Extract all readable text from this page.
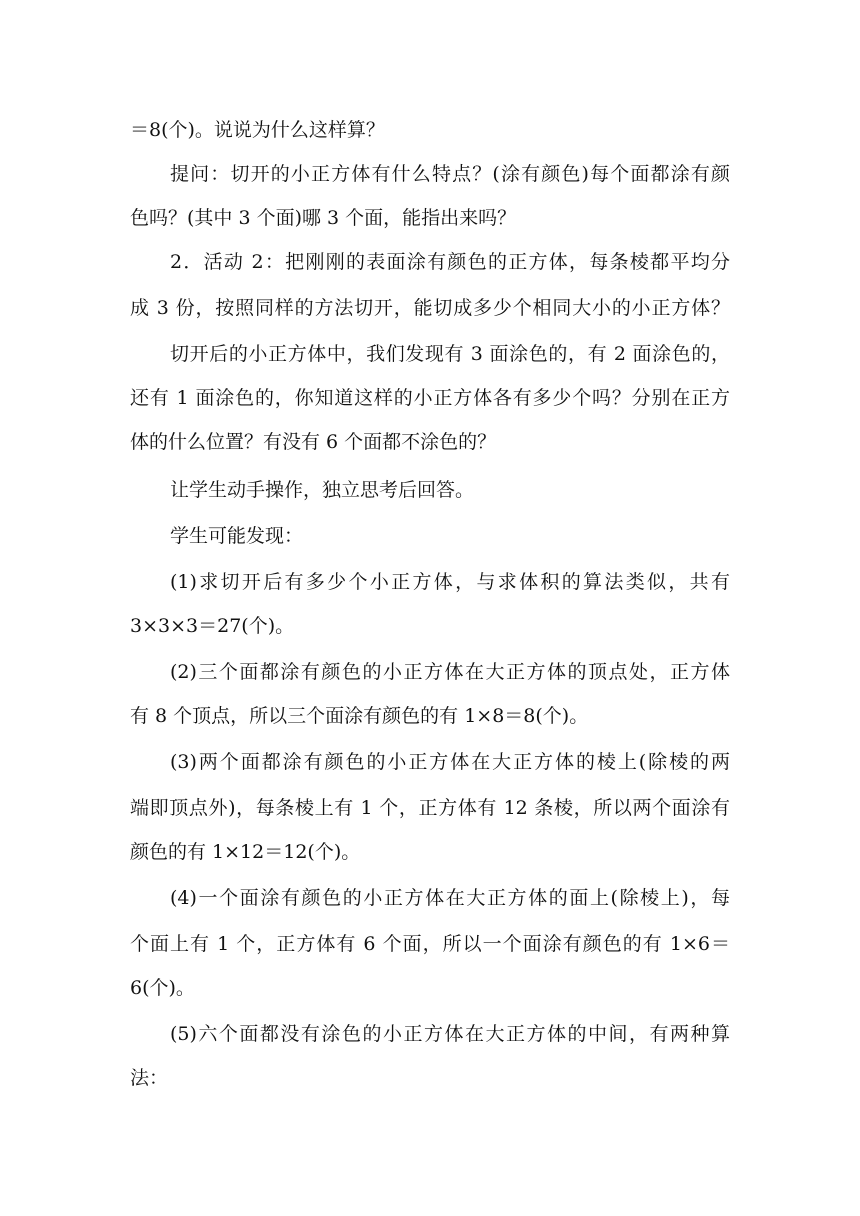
＝8(个)。说说为什么这样算？
提问：切开的小正方体有什么特点？(涂有颜色)每个面都涂有颜
色吗？(其中 3 个面)哪 3 个面，能指出来吗？
2．活动 2：把刚刚的表面涂有颜色的正方体，每条棱都平均分
成 3 份，按照同样的方法切开，能切成多少个相同大小的小正方体？
切开后的小正方体中，我们发现有 3 面涂色的，有 2 面涂色的，
还有 1 面涂色的，你知道这样的小正方体各有多少个吗？分别在正方
体的什么位置？有没有 6 个面都不涂色的？
让学生动手操作，独立思考后回答。
学生可能发现：
(1)求切开后有多少个小正方体，与求体积的算法类似，共有
3×3×3＝27(个)。
(2)三个面都涂有颜色的小正方体在大正方体的顶点处，正方体
有 8 个顶点，所以三个面涂有颜色的有 1×8＝8(个)。
(3)两个面都涂有颜色的小正方体在大正方体的棱上(除棱的两
端即顶点外)，每条棱上有 1 个，正方体有 12 条棱，所以两个面涂有
颜色的有 1×12＝12(个)。
(4)一个面涂有颜色的小正方体在大正方体的面上(除棱上)，每
个面上有 1 个，正方体有 6 个面，所以一个面涂有颜色的有 1×6＝
6(个)。
(5)六个面都没有涂色的小正方体在大正方体的中间，有两种算
法：
